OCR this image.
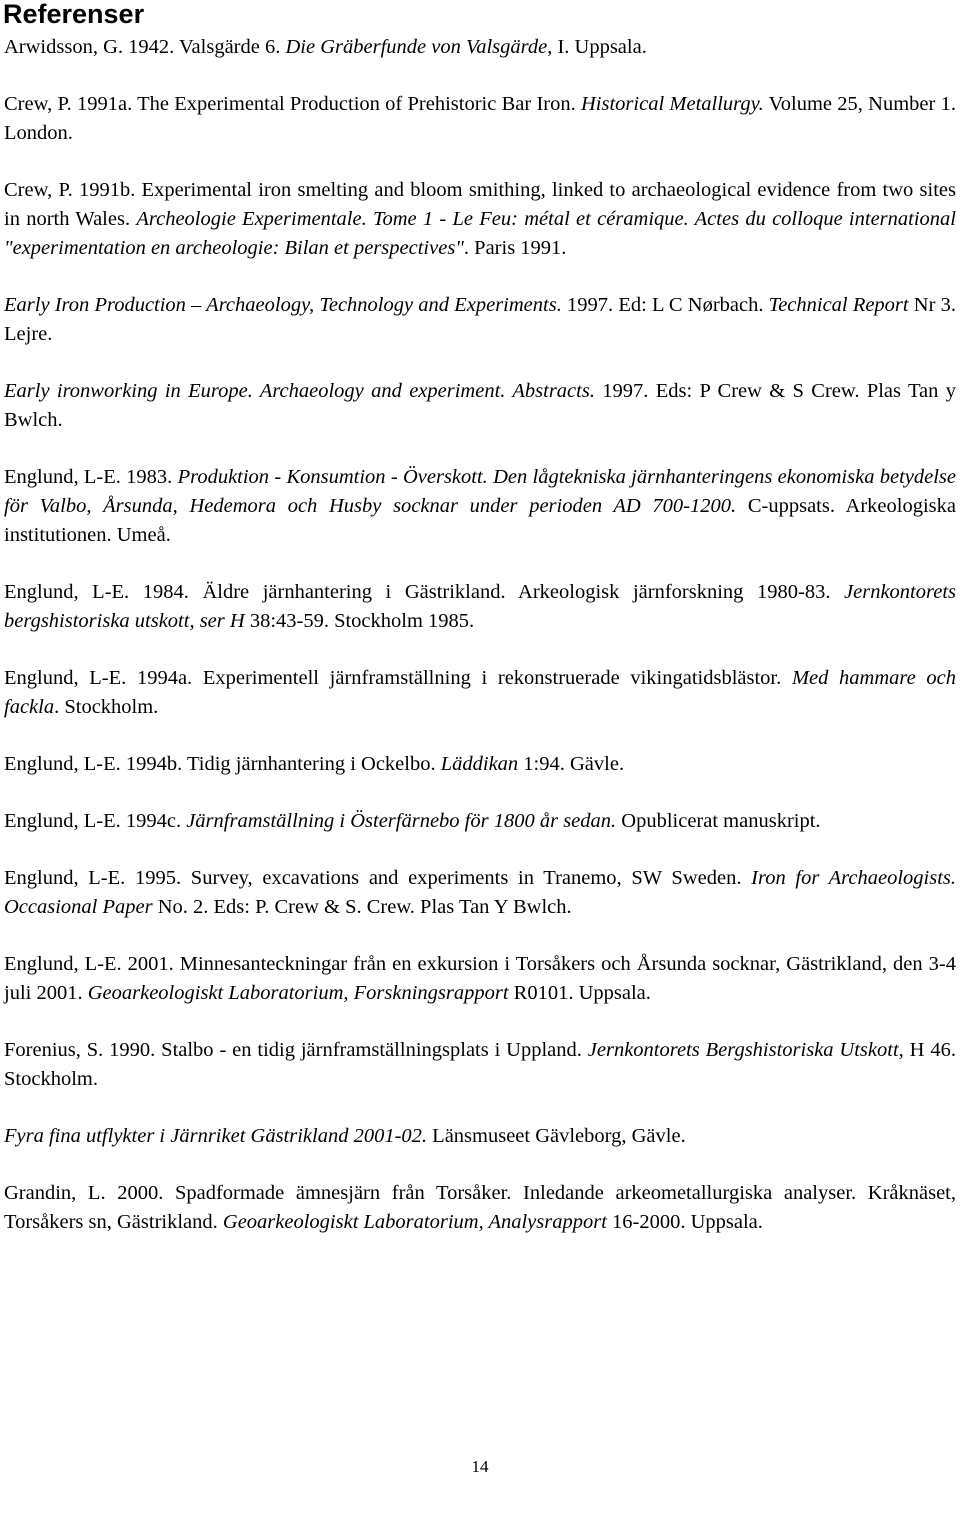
Referenser

Arwidsson, G. 1942. Valsgärde 6. Die Gräberfunde von Valsgärde, I. Uppsala.

Crew, P. 1991a. The Experimental Production of Prehistoric Bar Iron. Historical Metallurgy. Volume 25, Number 1. London.

Crew, P. 1991b. Experimental iron smelting and bloom smithing, linked to archaeological evidence from two sites in north Wales. Archeologie Experimentale. Tome 1 - Le Feu: métal et céramique. Actes du colloque international "experimentation en archeologie: Bilan et perspectives". Paris 1991.

Early Iron Production – Archaeology, Technology and Experiments. 1997. Ed: L C Nørbach. Technical Report Nr 3. Lejre.

Early ironworking in Europe. Archaeology and experiment. Abstracts. 1997. Eds: P Crew & S Crew. Plas Tan y Bwlch.

Englund, L-E. 1983. Produktion - Konsumtion - Överskott. Den lågtekniska järnhanteringens ekonomiska betydelse för Valbo, Årsunda, Hedemora och Husby socknar under perioden AD 700-1200. C-uppsats. Arkeologiska institutionen. Umeå.

Englund, L-E. 1984. Äldre järnhantering i Gästrikland. Arkeologisk järnforskning 1980-83. Jernkontorets bergshistoriska utskott, ser H 38:43-59. Stockholm 1985.

Englund, L-E. 1994a. Experimentell järnframställning i rekonstruerade vikingatidsblästor. Med hammare och fackla. Stockholm.

Englund, L-E. 1994b. Tidig järnhantering i Ockelbo. Läddikan 1:94. Gävle.

Englund, L-E. 1994c. Järnframställning i Österfärnebo för 1800 år sedan. Opublicerat manuskript.

Englund, L-E. 1995. Survey, excavations and experiments in Tranemo, SW Sweden. Iron for Archaeologists. Occasional Paper No. 2. Eds: P. Crew & S. Crew. Plas Tan Y Bwlch.

Englund, L-E. 2001. Minnesanteckningar från en exkursion i Torsåkers och Årsunda socknar, Gästrikland, den 3-4 juli 2001. Geoarkeologiskt Laboratorium, Forskningsrapport R0101. Uppsala.

Forenius, S. 1990. Stalbo - en tidig järnframställningsplats i Uppland. Jernkontorets Bergshistoriska Utskott, H 46. Stockholm.

Fyra fina utflykter i Järnriket Gästrikland 2001-02. Länsmuseet Gävleborg, Gävle.

Grandin, L. 2000. Spadformade ämnesjärn från Torsåker. Inledande arkeometallurgiska analyser. Kråknäset, Torsåkers sn, Gästrikland. Geoarkeologiskt Laboratorium, Analysrapport 16-2000. Uppsala.

14
